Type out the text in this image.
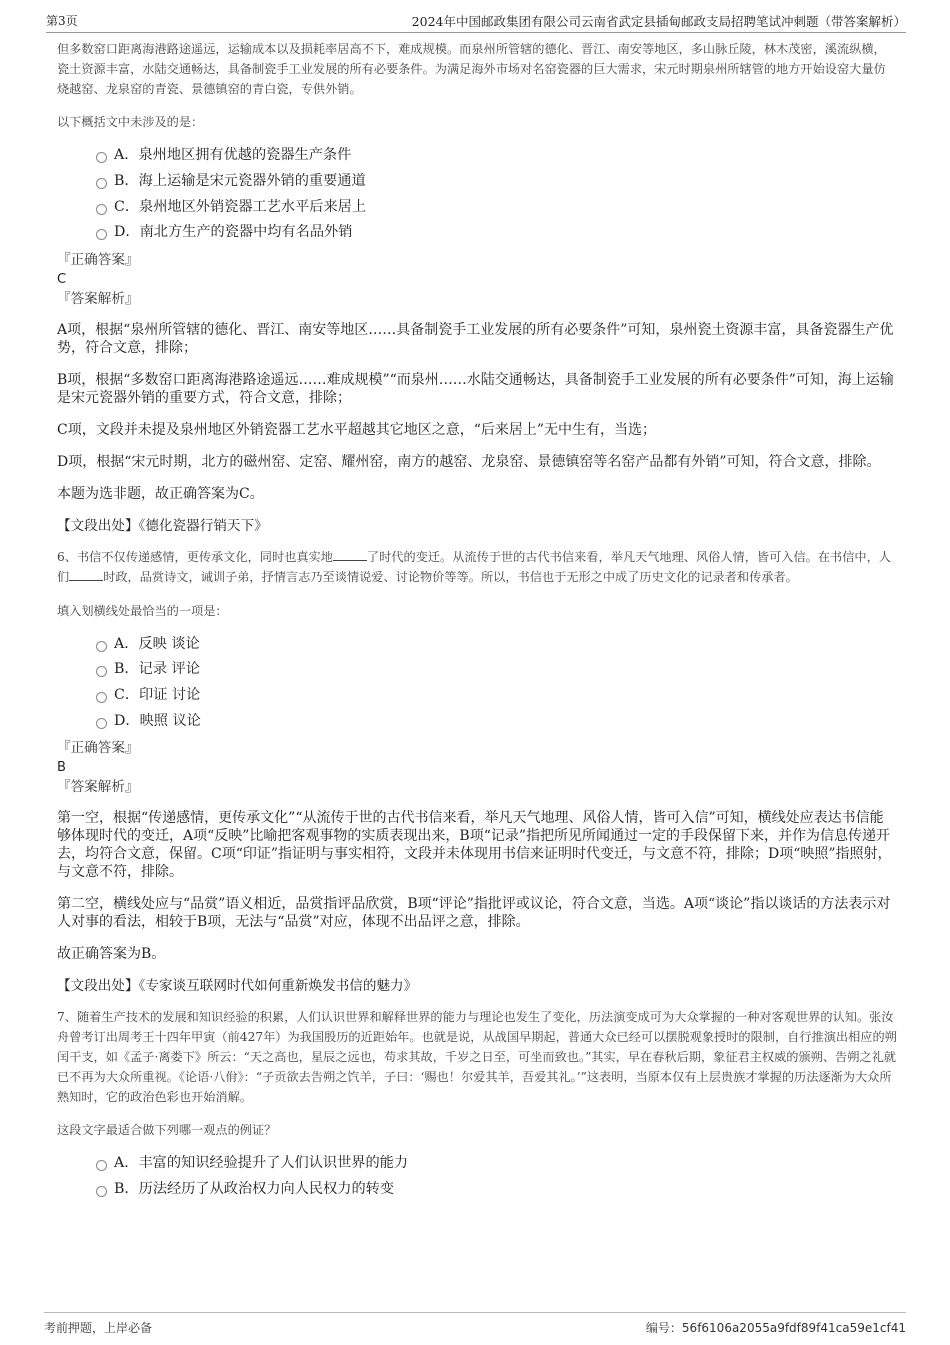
第3页	2024年中国邮政集团有限公司云南省武定县插甸邮政支局招聘笔试冲刺题（带答案解析）

但多数窑口距离海港路途遥远，运输成本以及损耗率居高不下，难成规模。而泉州所管辖的德化、晋江、南安等地区，多山脉丘陵，林木茂密，溪流纵横，瓷土资源丰富，水陆交通畅达，具备制瓷手工业发展的所有必要条件。为满足海外市场对名窑瓷器的巨大需求，宋元时期泉州所辖管的地方开始设窑大量仿烧越窑、龙泉窑的青瓷、景德镇窑的青白瓷，专供外销。

以下概括文中未涉及的是：

A．泉州地区拥有优越的瓷器生产条件
B．海上运输是宋元瓷器外销的重要通道
C．泉州地区外销瓷器工艺水平后来居上
D．南北方生产的瓷器中均有名品外销

『正确答案』

C

『答案解析』

A项，根据“泉州所管辖的德化、晋江、南安等地区……具备制瓷手工业发展的所有必要条件”可知，泉州瓷土资源丰富，具备瓷器生产优势，符合文意，排除；

B项，根据“多数窑口距离海港路途遥远……难成规模”“而泉州……水陆交通畅达，具备制瓷手工业发展的所有必要条件”可知，海上运输是宋元瓷器外销的重要方式，符合文意，排除；

C项，文段并未提及泉州地区外销瓷器工艺水平超越其它地区之意，“后来居上”无中生有，当选；

D项，根据“宋元时期，北方的磁州窑、定窑、耀州窑，南方的越窑、龙泉窑、景德镇窑等名窑产品都有外销”可知，符合文意，排除。

本题为选非题，故正确答案为C。

【文段出处】《德化瓷器行销天下》

6、书信不仅传递感情，更传承文化，同时也真实地	了时代的变迁。从流传于世的古代书信来看，举凡天气地理、风俗人情，皆可入信。在书信中，人们	时政，品赏诗文，诫训子弟，抒情言志乃至谈情说爱、讨论物价等等。所以，书信也于无形之中成了历史文化的记录者和传承者。

填入划横线处最恰当的一项是：

A．反映 谈论
B．记录 评论
C．印证 讨论
D．映照 议论

『正确答案』

B

『答案解析』

第一空，根据“传递感情，更传承文化”“从流传于世的古代书信来看，举凡天气地理、风俗人情，皆可入信”可知，横线处应表达书信能够体现时代的变迁，A项“反映”比喻把客观事物的实质表现出来，B项“记录”指把所见所闻通过一定的手段保留下来，并作为信息传递开去，均符合文意，保留。C项“印证”指证明与事实相符，文段并未体现用书信来证明时代变迁，与文意不符，排除；D项“映照”指照射，与文意不符，排除。

第二空，横线处应与“品赏”语义相近，品赏指评品欣赏，B项“评论”指批评或议论，符合文意，当选。A项“谈论”指以谈话的方法表示对人对事的看法，相较于B项，无法与“品赏”对应，体现不出品评之意，排除。

故正确答案为B。

【文段出处】《专家谈互联网时代如何重新焕发书信的魅力》

7、随着生产技术的发展和知识经验的积累，人们认识世界和解释世界的能力与理论也发生了变化，历法演变成可为大众掌握的一种对客观世界的认知。张汝舟曾考订出周考王十四年甲寅（前427年）为我国殷历的近距始年。也就是说，从战国早期起，普通大众已经可以摆脱观象授时的限制，自行推演出相应的朔闰干支，如《孟子·离娄下》所云：“天之高也，星辰之远也，苟求其故，千岁之日至，可坐而致也。”其实，早在春秋后期，象征君主权威的颁朔、告朔之礼就已不再为大众所重视。《论语·八佾》：“子贡欲去告朔之饩羊，子曰：‘赐也！尔爱其羊，吾爱其礼。’”这表明，当原本仅有上层贵族才掌握的历法逐渐为大众所熟知时，它的政治色彩也开始消解。

这段文字最适合做下列哪一观点的例证？

A．丰富的知识经验提升了人们认识世界的能力
B．历法经历了从政治权力向人民权力的转变
考前押题，上岸必备	编号：56f6106a2055a9fdf89f41ca59e1cf41
